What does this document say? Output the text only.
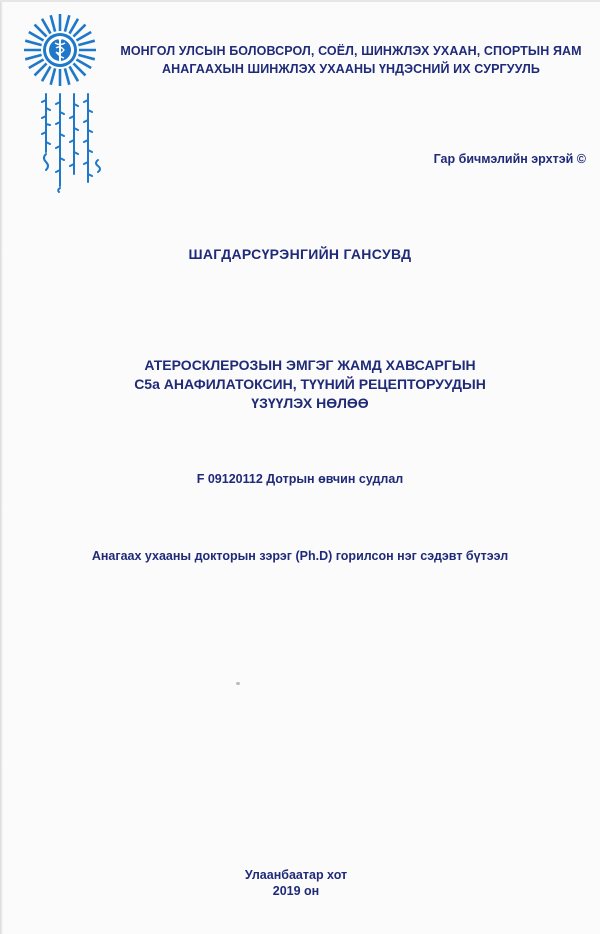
МОНГОЛ УЛСЫН БОЛОВСРОЛ, СОЁЛ, ШИНЖЛЭХ УХААН, СПОРТЫН ЯАМ
АНАГААХЫН ШИНЖЛЭХ УХААНЫ ҮНДЭСНИЙ ИХ СУРГУУЛЬ
Гар бичмэлийн эрхтэй ©
ШАГДАРСҮРЭНГИЙН ГАНСУВД
АТЕРОСКЛЕРОЗЫН ЭМГЭГ ЖАМД ХАВСАРГЫН
С5а АНАФИЛАТОКСИН, ТҮҮНИЙ РЕЦЕПТОРУУДЫН
ҮЗҮҮЛЭХ НӨЛӨӨ
F 09120112 Дотрын өвчин судлал
Анагаах ухааны докторын зэрэг (Ph.D) горилсон нэг сэдэвт бүтээл
Улаанбаатар хот
2019 он
